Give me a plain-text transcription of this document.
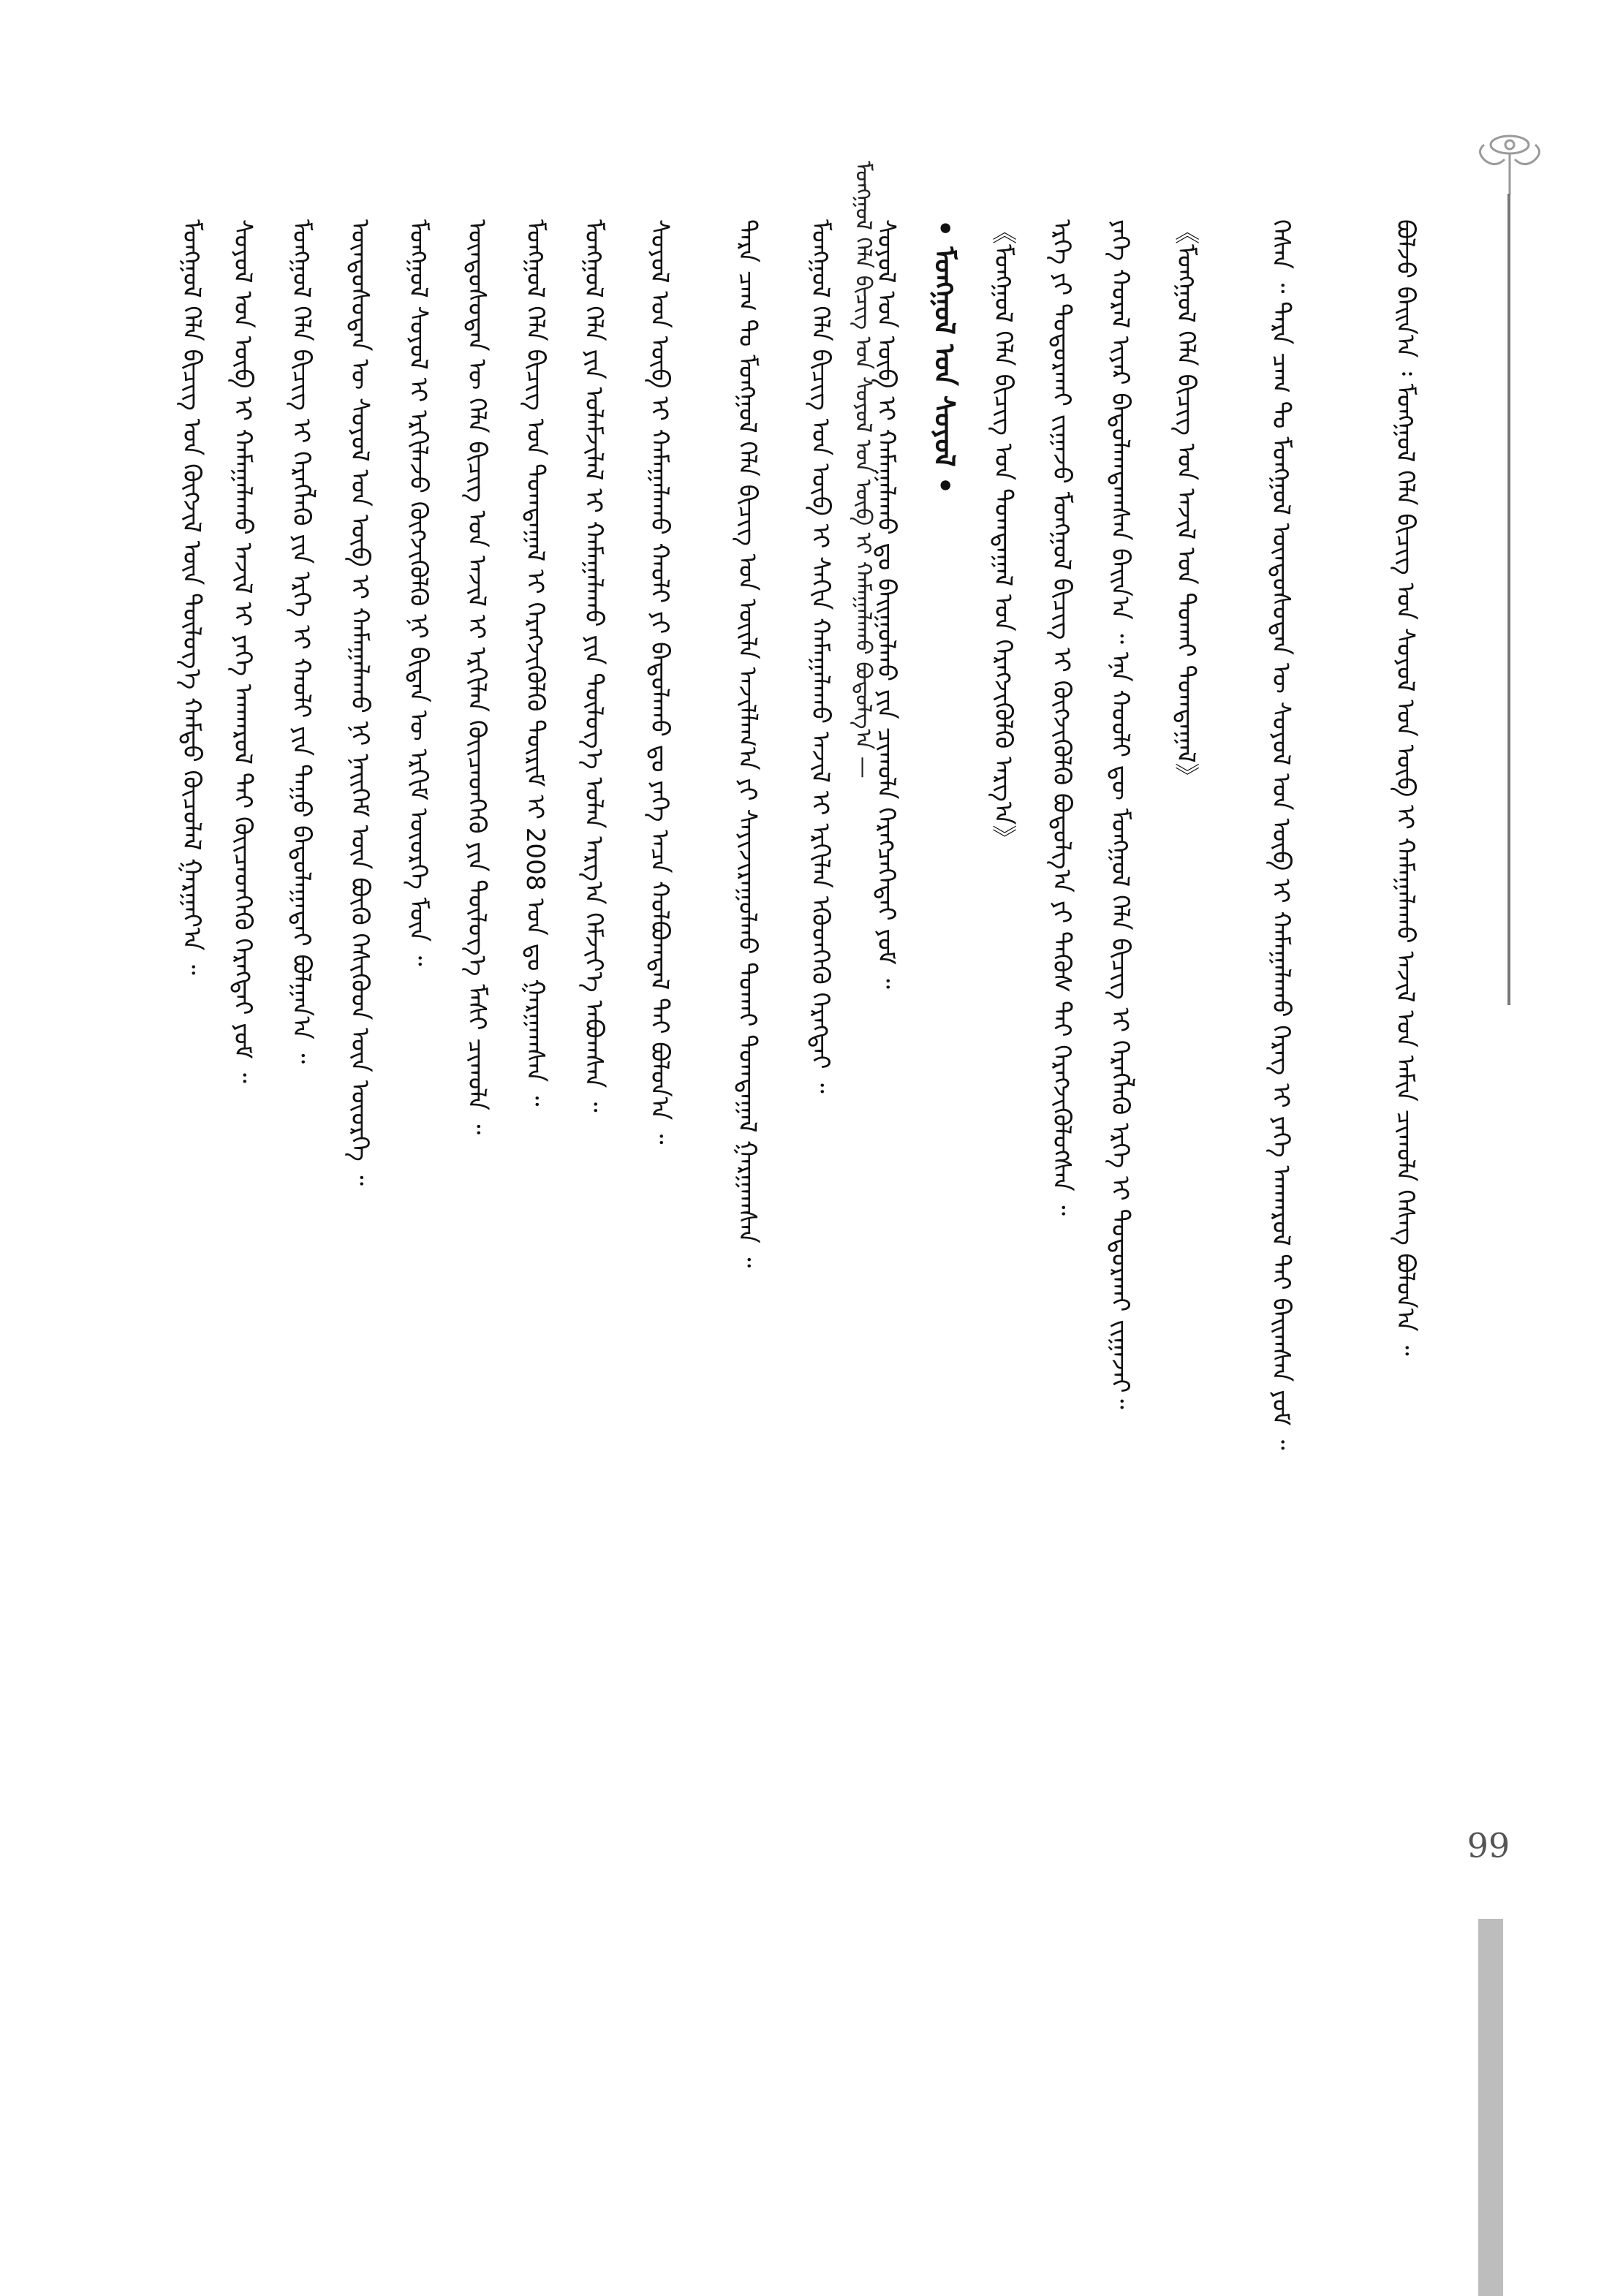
ᠮᠣᠩᠭᠣᠯ ᠬᠡᠯᠡ ᠪᠢᠴᠢᠭ ᠤᠨ ᠰᠣᠶᠣᠯ ᠤᠨ ᠥᠪ ᠢ ᠬᠠᠮᠠᠭᠠᠯᠠᠬᠤ ᠪᠣᠳᠣᠯᠭ᠎ᠠ —
66
ᠪᠣᠯᠵᠤ ᠪᠠᠢᠨ᠎ᠠ ᠄ ᠮᠣᠩᠭᠣᠯ ᠬᠡᠯᠡ ᠪᠢᠴᠢᠭ ᠤᠨ ᠰᠣᠶᠣᠯ ᠤᠨ ᠥᠪ ᠢ ᠬᠠᠮᠠᠭᠠᠯᠠᠬᠤ ᠠᠵᠢᠯ ᠤᠨ ᠠᠮᠢᠨ ᠴᠢᠬᠤᠯᠠ ᠬᠡᠰᠡᠭ ᠪᠣᠯᠤᠨ᠎ᠠ ᠃
ᠭᠡᠰᠡᠨ ᠃ ᠲᠡᠷᠡ ᠴᠠᠭ ᠲᠤ ᠮᠣᠩᠭᠣᠯ ᠦᠨᠳᠦᠰᠦᠲᠡᠨ ᠦ ᠰᠣᠶᠣᠯ ᠤᠨ ᠥᠪ ᠢ ᠬᠠᠮᠠᠭᠠᠯᠠᠬᠤ ᠬᠡᠷᠡᠭ ᠢ ᠶᠡᠬᠡ ᠠᠨᠬᠠᠷᠤᠯ ᠲᠠᠢ ᠪᠠᠢᠭᠰᠠᠨ ᠶᠤᠮ ᠃
《ᠮᠣᠩᠭᠣᠯ ᠬᠡᠯᠡ ᠪᠢᠴᠢᠭ ᠤᠨ ᠠᠵᠢᠯ ᠤᠨ ᠲᠤᠬᠠᠢ ᠲᠣᠭᠲᠠᠭᠠᠯ》
ᠶᠡᠬᠡ ᠬᠤᠷᠠᠯ ᠢᠶᠠᠷ ᠪᠠᠲᠤᠯᠠᠭᠳᠠᠭᠰᠠᠨ ᠪᠠᠢᠨ᠎ᠠ ᠃ ᠡᠨᠡ ᠬᠤᠤᠯᠢ ᠳᠦ ᠮᠣᠩᠭᠣᠯ ᠬᠡᠯᠡ ᠪᠢᠴᠢᠭ ᠢ ᠬᠡᠷᠡᠭᠯᠡᠬᠦ ᠡᠷᠬᠡ ᠢ ᠲᠣᠳᠣᠷᠬᠠᠢ ᠵᠢᠭᠠᠵᠠᠢ᠃
ᠡᠷᠬᠡ ᠶᠢ ᠲᠣᠳᠣᠷᠬᠠᠢ ᠵᠢᠭᠠᠵᠤ ᠮᠣᠩᠭᠣᠯ ᠪᠢᠴᠢᠭ ᠢ ᠬᠥᠭᠵᠢᠭᠦᠯᠬᠦ ᠪᠣᠳᠣᠯᠭ᠎ᠠ ᠶᠢ ᠲᠡᠭᠦᠰ ᠲᠠᠢ ᠬᠡᠷᠡᠭᠵᠢᠭᠦᠯᠦᠭᠰᠡᠨ ᠃
《ᠮᠣᠩᠭᠣᠯ ᠬᠡᠯᠡ ᠪᠢᠴᠢᠭ ᠤᠨ ᠲᠣᠭᠲᠠᠭᠠᠯ ᠤᠨ ᠬᠡᠷᠡᠭᠵᠢᠭᠦᠯᠬᠦ ᠠᠷᠭ᠎ᠠ》
• ᠮᠣᠩᠭᠣᠯ ᠤᠨ ᠰᠣᠶᠣᠯ •
ᠰᠣᠶᠣᠯ ᠤᠨ ᠥᠪ ᠢ ᠬᠠᠮᠠᠭᠠᠯᠠᠬᠤ ᠳᠤ ᠪᠠᠢᠭᠤᠯᠬᠤ ᠶᠢᠨ ᠴᠢᠬᠤᠯᠠ ᠬᠡᠷᠡᠭᠴᠡᠭᠡᠲᠡᠢ ᠶᠤᠮ ᠃
ᠮᠣᠩᠭᠣᠯ ᠬᠡᠯᠡ ᠪᠢᠴᠢᠭ ᠤᠨ ᠥᠪ ᠢ ᠰᠠᠬᠢᠨ ᠬᠠᠮᠠᠭᠠᠯᠠᠬᠤ ᠠᠵᠢᠯ ᠢ ᠡᠷᠬᠢᠯᠡᠨ ᠡᠭᠦᠳᠬᠡᠬᠦ ᠬᠡᠷᠡᠭᠲᠡᠢ ᠃
ᠲᠡᠷᠡ ᠴᠠᠭ ᠲᠤ ᠮᠣᠩᠭᠣᠯ ᠬᠡᠯᠡ ᠪᠢᠴᠢᠭ ᠤᠨ ᠦᠢᠯᠡ ᠠᠵᠢᠯᠯᠠᠭ᠎ᠠ ᠶᠢ ᠰᠠᠶᠢᠵᠢᠷᠠᠭᠤᠯᠬᠤ ᠲᠤᠬᠠᠢ ᠲᠣᠭᠲᠠᠭᠠᠯ ᠭᠠᠷᠭᠠᠭᠰᠠᠨ ᠃
ᠰᠣᠶᠣᠯ ᠤᠨ ᠥᠪ ᠢ ᠬᠠᠮᠠᠭᠠᠯᠠᠬᠤ ᠬᠠᠤᠯᠢ ᠶᠢ ᠪᠠᠲᠤᠯᠠᠬᠤ ᠳᠤ ᠶᠡᠬᠡ ᠠᠴᠠ ᠬᠣᠯᠪᠣᠭᠳᠠᠯ ᠲᠠᠢ ᠪᠣᠯᠤᠨ᠎ᠠ ᠃
ᠮᠣᠩᠭᠣᠯ ᠬᠡᠯᠡ ᠶᠢᠨ ᠤᠯᠠᠮᠵᠢᠯᠠᠯ ᠢ ᠬᠠᠮᠠᠭᠠᠯᠠᠬᠤ ᠶᠢᠨ ᠲᠥᠯᠥᠭ᠎ᠡ ᠣᠯᠠᠨ ᠠᠷᠭ᠎ᠠ ᠬᠡᠮᠵᠢᠶ᠎ᠡ ᠠᠪᠤᠭᠰᠠᠨ ᠃
ᠮᠣᠩᠭᠣᠯ ᠬᠡᠯᠡ ᠪᠢᠴᠢᠭ ᠤᠨ ᠲᠣᠭᠲᠠᠭᠠᠯ ᠢ ᠬᠡᠷᠡᠭᠵᠢᠭᠦᠯᠬᠦ ᠳᠦᠷᠢᠮ ᠢ 2008 ᠣᠨ ᠳᠤ ᠭᠠᠷᠭᠠᠭᠰᠠᠨ ᠃
ᠦᠨᠳᠦᠰᠦᠲᠡᠨ ᠦ ᠬᠡᠯᠡ ᠪᠢᠴᠢᠭ ᠤᠨ ᠠᠵᠢᠯ ᠢ ᠡᠷᠬᠢᠯᠡᠨ ᠭᠦᠢᠴᠡᠳᠬᠡᠬᠦ ᠶᠢᠨ ᠲᠥᠯᠥᠭ᠎ᠡ ᠮᠠᠰᠢ ᠴᠢᠬᠤᠯᠠ ᠃
ᠮᠣᠩᠭᠣᠯ ᠰᠣᠶᠣᠯ ᠢ ᠡᠷᠬᠢᠯᠡᠵᠦ ᠬᠥᠭᠵᠢᠭᠦᠯᠬᠦ ᠨᠢ ᠪᠢᠳᠡᠨ ᠦ ᠡᠷᠬᠢᠮ ᠦᠦᠷᠭᠡ ᠮᠥᠨ ᠃
ᠦᠨᠳᠦᠰᠦᠲᠡᠨ ᠦ ᠰᠣᠶᠣᠯ ᠤᠨ ᠥᠪ ᠢ ᠬᠠᠮᠠᠭᠠᠯᠠᠬᠤ ᠨᠢ ᠨᠡᠢᠭᠡᠮ ᠦᠨ ᠪᠦᠬᠦ ᠭᠡᠰᠢᠭᠦᠳ ᠦᠨ ᠦᠦᠷᠭᠡ ᠃
ᠮᠣᠩᠭᠣᠯ ᠬᠡᠯᠡ ᠪᠢᠴᠢᠭ ᠢ ᠬᠡᠷᠡᠭᠯᠡᠬᠦ ᠶᠢᠨ ᠡᠷᠬᠡ ᠢ ᠬᠠᠤᠯᠢ ᠶᠢᠨ ᠳᠠᠭᠤ ᠪᠠᠲᠤᠯᠠᠭᠠᠲᠠᠢ ᠪᠣᠯᠭᠠᠨ᠎ᠠ ᠃
ᠰᠣᠶᠣᠯ ᠤᠨ ᠥᠪ ᠢ ᠬᠠᠮᠠᠭᠠᠯᠠᠬᠤ ᠠᠵᠢᠯ ᠢ ᠶᠡᠬᠡ ᠠᠨᠬᠠᠷᠤᠯ ᠲᠠᠢ ᠭᠦᠢᠴᠡᠳᠬᠡᠬᠦ ᠬᠡᠷᠡᠭᠲᠡᠢ ᠶᠤᠮ ᠃
ᠮᠣᠩᠭᠣᠯ ᠬᠡᠯᠡ ᠪᠢᠴᠢᠭ ᠤᠨ ᠬᠥᠭᠵᠢᠯ ᠦᠨ ᠲᠥᠯᠥᠭ᠎ᠡ ᠬᠠᠮᠲᠤ ᠬᠦᠴᠦᠯᠡᠯ ᠭᠠᠷᠭᠠᠶ᠎ᠠ ᠃
